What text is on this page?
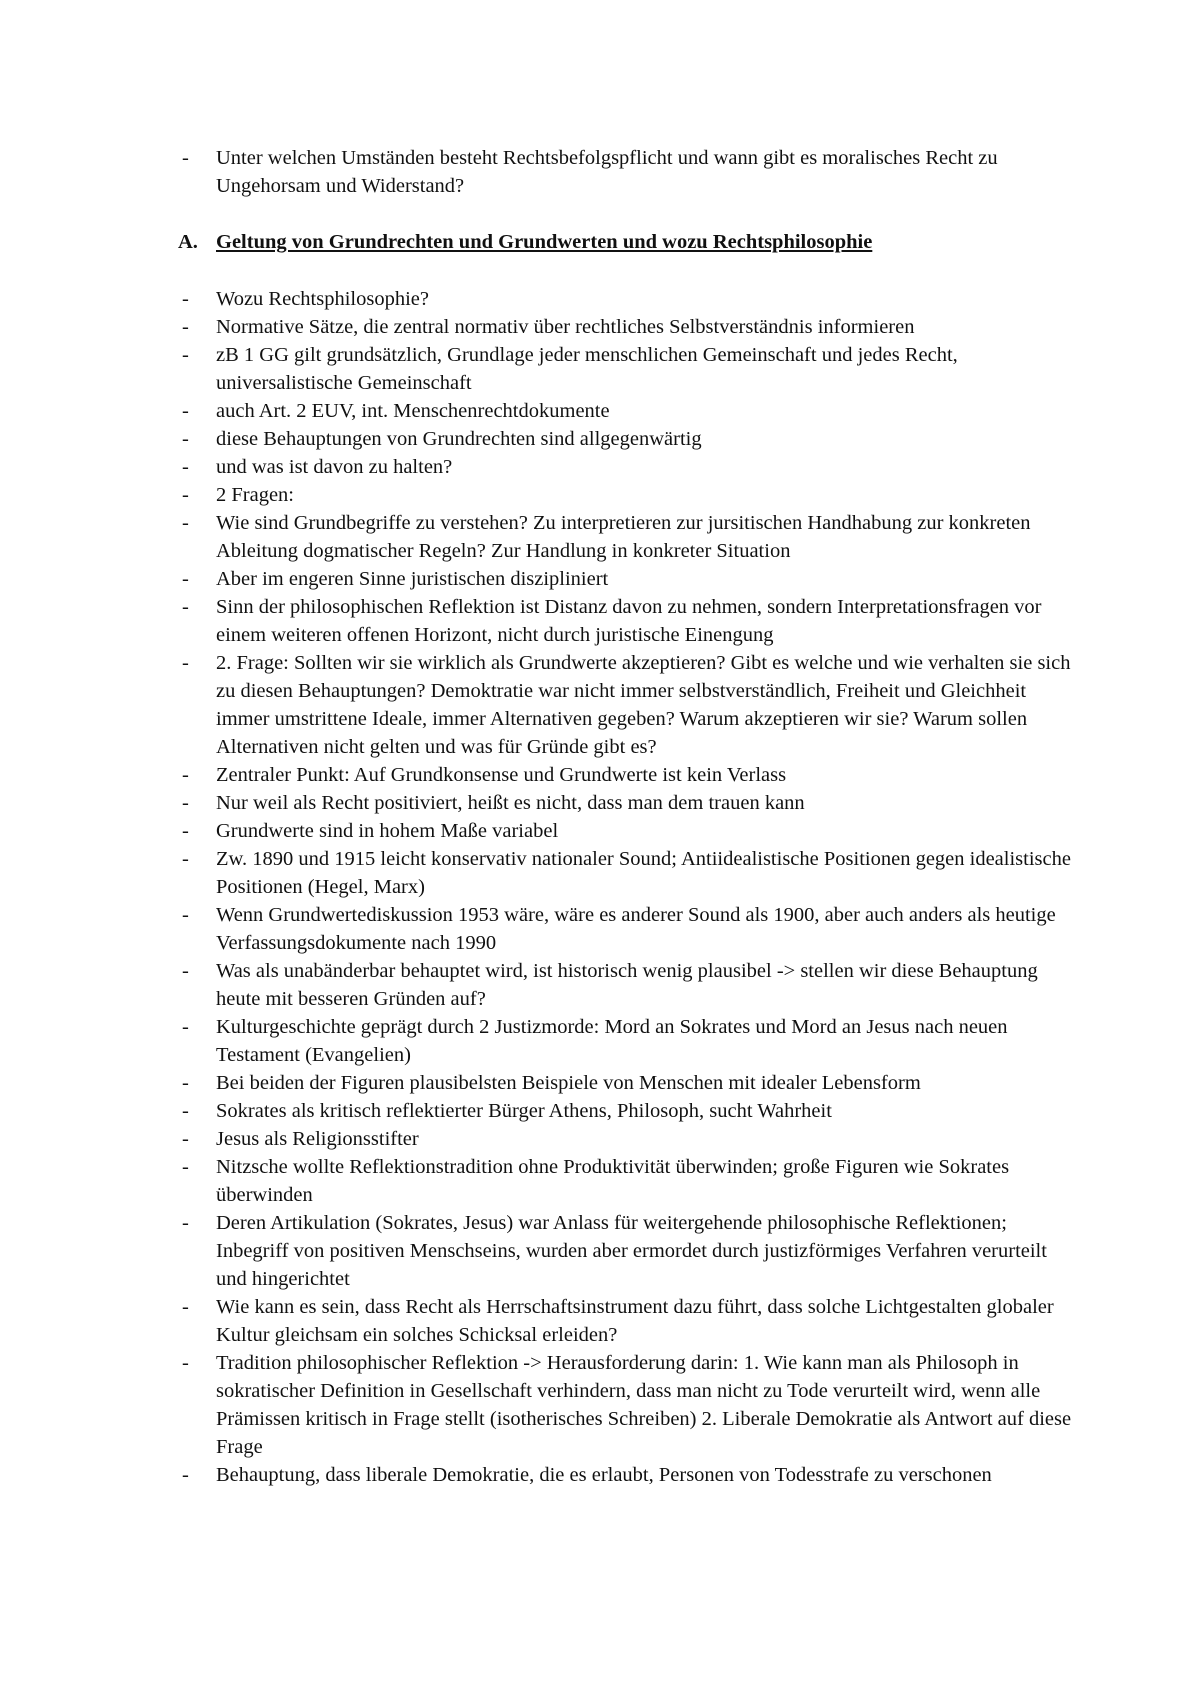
- Unter welchen Umständen besteht Rechtsbefolgspflicht und wann gibt es moralisches Recht zu Ungehorsam und Widerstand?
A. Geltung von Grundrechten und Grundwerten und wozu Rechtsphilosophie
- Wozu Rechtsphilosophie?
- Normative Sätze, die zentral normativ über rechtliches Selbstverständnis informieren
- zB 1 GG gilt grundsätzlich, Grundlage jeder menschlichen Gemeinschaft und jedes Recht, universalistische Gemeinschaft
- auch Art. 2 EUV, int. Menschenrechtdokumente
- diese Behauptungen von Grundrechten sind allgegenwärtig
- und was ist davon zu halten?
- 2 Fragen:
- Wie sind Grundbegriffe zu verstehen? Zu interpretieren zur jursitischen Handhabung zur konkreten Ableitung dogmatischer Regeln? Zur Handlung in konkreter Situation
- Aber im engeren Sinne juristischen diszipliniert
- Sinn der philosophischen Reflektion ist Distanz davon zu nehmen, sondern Interpretationsfragen vor einem weiteren offenen Horizont, nicht durch juristische Einengung
- 2. Frage: Sollten wir sie wirklich als Grundwerte akzeptieren? Gibt es welche und wie verhalten sie sich zu diesen Behauptungen? Demoktratie war nicht immer selbstverständlich, Freiheit und Gleichheit immer umstrittene Ideale, immer Alternativen gegeben? Warum akzeptieren wir sie? Warum sollen Alternativen nicht gelten und was für Gründe gibt es?
- Zentraler Punkt: Auf Grundkonsense und Grundwerte ist kein Verlass
- Nur weil als Recht positiviert, heißt es nicht, dass man dem trauen kann
- Grundwerte sind in hohem Maße variabel
- Zw. 1890 und 1915 leicht konservativ nationaler Sound; Antiidealistische Positionen gegen idealistische Positionen (Hegel, Marx)
- Wenn Grundwertediskussion 1953 wäre, wäre es anderer Sound als 1900, aber auch anders als heutige Verfassungsdokumente nach 1990
- Was als unabänderbar behauptet wird, ist historisch wenig plausibel -> stellen wir diese Behauptung heute mit besseren Gründen auf?
- Kulturgeschichte geprägt durch 2 Justizmorde: Mord an Sokrates und Mord an Jesus nach neuen Testament (Evangelien)
- Bei beiden der Figuren plausibelsten Beispiele von Menschen mit idealer Lebensform
- Sokrates als kritisch reflektierter Bürger Athens, Philosoph, sucht Wahrheit
- Jesus als Religionsstifter
- Nitzsche wollte Reflektionstradition ohne Produktivität überwinden; große Figuren wie Sokrates überwinden
- Deren Artikulation (Sokrates, Jesus) war Anlass für weitergehende philosophische Reflektionen; Inbegriff von positiven Menschseins, wurden aber ermordet durch justizförmiges Verfahren verurteilt und hingerichtet
- Wie kann es sein, dass Recht als Herrschaftsinstrument dazu führt, dass solche Lichtgestalten globaler Kultur gleichsam ein solches Schicksal erleiden?
- Tradition philosophischer Reflektion -> Herausforderung darin: 1. Wie kann man als Philosoph in sokratischer Definition in Gesellschaft verhindern, dass man nicht zu Tode verurteilt wird, wenn alle Prämissen kritisch in Frage stellt (isotherisches Schreiben) 2. Liberale Demokratie als Antwort auf diese Frage
- Behauptung, dass liberale Demokratie, die es erlaubt, Personen von Todesstrafe zu verschonen
